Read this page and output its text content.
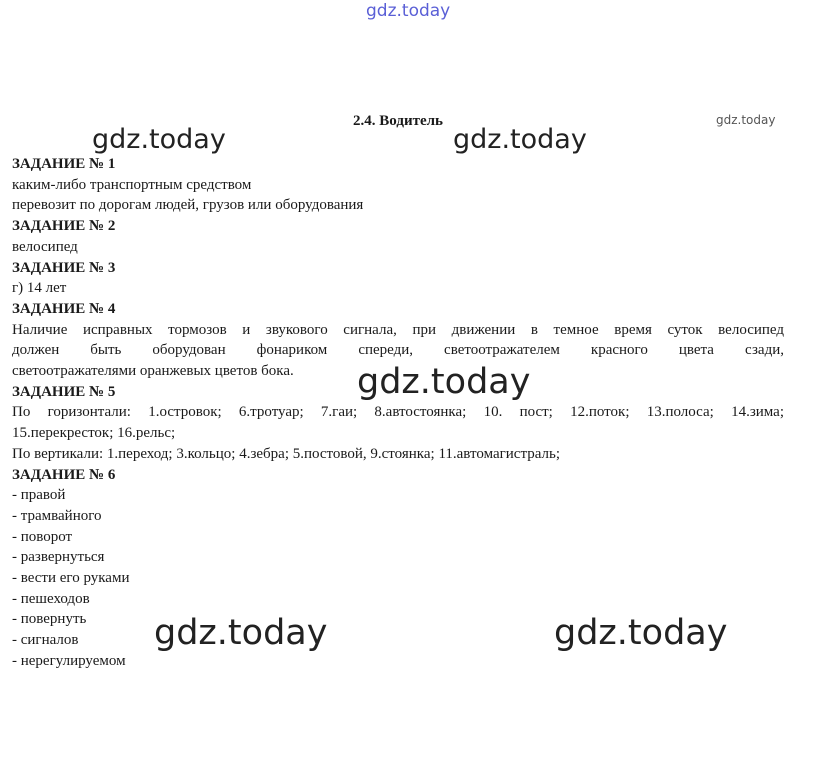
gdz.today
gdz.today
gdz.today	gdz.today
gdz.today
gdz.today	gdz.today
2.4. Водитель
ЗАДАНИЕ № 1
каким-либо транспортным средством
перевозит по дорогам людей, грузов или оборудования
ЗАДАНИЕ № 2
велосипед
ЗАДАНИЕ № 3
г) 14 лет
ЗАДАНИЕ № 4
Наличие исправных тормозов и звукового сигнала, при движении в темное время суток велосипед
должен быть оборудован фонариком спереди, светоотражателем красного цвета сзади,
светоотражателями оранжевых цветов бока.
ЗАДАНИЕ № 5
По горизонтали: 1.островок; 6.тротуар; 7.гаи; 8.автостоянка; 10. пост; 12.поток; 13.полоса; 14.зима;
15.перекресток; 16.рельс;
По вертикали: 1.переход; 3.кольцо; 4.зебра; 5.постовой, 9.стоянка; 11.автомагистраль;
ЗАДАНИЕ № 6
- правой
- трамвайного
- поворот
- развернуться
- вести его руками
- пешеходов
- повернуть
- сигналов
- нерегулируемом
